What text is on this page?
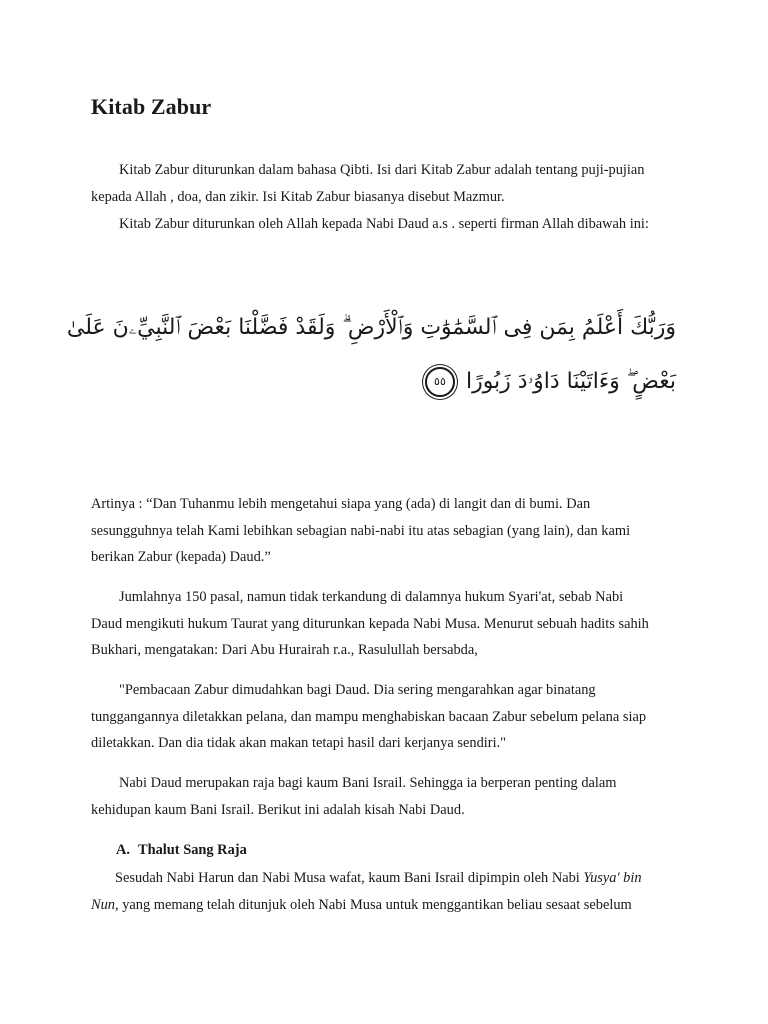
Kitab Zabur

Kitab Zabur diturunkan dalam bahasa Qibti. Isi dari Kitab Zabur adalah tentang puji-pujian
kepada Allah , doa, dan zikir. Isi Kitab Zabur biasanya disebut Mazmur.

Kitab Zabur diturunkan oleh Allah kepada Nabi Daud a.s . seperti firman Allah dibawah ini:

وَرَبُّكَ أَعْلَمُ بِمَن فِى ٱلسَّمَٰوَٰتِ وَٱلْأَرْضِ ۗ وَلَقَدْ فَضَّلْنَا بَعْضَ ٱلنَّبِيِّۦنَ عَلَىٰ
بَعْضٍ ۖ وَءَاتَيْنَا دَاوُۥدَ زَبُورًا ٥٥

Artinya : “Dan Tuhanmu lebih mengetahui siapa yang (ada) di langit dan di bumi. Dan
sesungguhnya telah Kami lebihkan sebagian nabi-nabi itu atas sebagian (yang lain), dan kami
berikan Zabur (kepada) Daud.”

Jumlahnya 150 pasal, namun tidak terkandung di dalamnya hukum Syari'at, sebab Nabi
Daud mengikuti hukum Taurat yang diturunkan kepada Nabi Musa. Menurut sebuah hadits sahih
Bukhari, mengatakan: Dari Abu Hurairah r.a., Rasulullah bersabda,

"Pembacaan Zabur dimudahkan bagi Daud. Dia sering mengarahkan agar binatang
tunggangannya diletakkan pelana, dan mampu menghabiskan bacaan Zabur sebelum pelana siap
diletakkan. Dan dia tidak akan makan tetapi hasil dari kerjanya sendiri."

Nabi Daud merupakan raja bagi kaum Bani Israil. Sehingga ia berperan penting dalam
kehidupan kaum Bani Israil. Berikut ini adalah kisah Nabi Daud.

A. Thalut Sang Raja

Sesudah Nabi Harun dan Nabi Musa wafat, kaum Bani Israil dipimpin oleh Nabi Yusya' bin
Nun, yang memang telah ditunjuk oleh Nabi Musa untuk menggantikan beliau sesaat sebelum
